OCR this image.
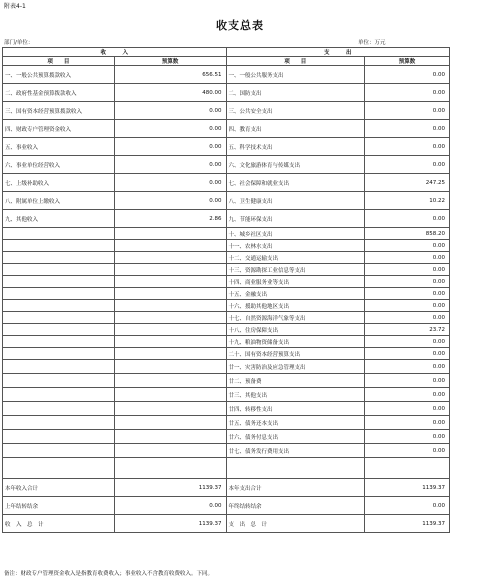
附表4-1
收支总表
部门/单位：	单位：万元
收　　　入		支　　　出	
项　　目	预算数	项　　目	预算数
一、一般公共预算拨款收入	656.51	一、一般公共服务支出	0.00
二、政府性基金预算拨款收入	480.00	二、国防支出	0.00
三、国有资本经营预算拨款收入	0.00	三、公共安全支出	0.00
四、财政专户管理资金收入	0.00	四、教育支出	0.00
五、事业收入	0.00	五、科学技术支出	0.00
六、事业单位经营收入	0.00	六、文化旅游体育与传媒支出	0.00
七、上级补助收入	0.00	七、社会保障和就业支出	247.25
八、附属单位上缴收入	0.00	八、卫生健康支出	10.22
九、其他收入	2.86	九、节能环保支出	0.00
		十、城乡社区支出	858.20
		十一、农林水支出	0.00
		十二、交通运输支出	0.00
		十三、资源勘探工业信息等支出	0.00
		十四、商业服务业等支出	0.00
		十五、金融支出	0.00
		十六、援助其他地区支出	0.00
		十七、自然资源海洋气象等支出	0.00
		十八、住房保障支出	23.72
		十九、粮油物资储备支出	0.00
		二十、国有资本经营预算支出	0.00
		廿一、灾害防治及应急管理支出	0.00
		廿二、预备费	0.00
		廿三、其他支出	0.00
		廿四、转移性支出	0.00
		廿五、债务还本支出	0.00
		廿六、债务付息支出	0.00
		廿七、债务发行费用支出	0.00

本年收入合计	1139.37	本年支出合计	1139.37
上年结转结余	0.00	年终结转结余	0.00
收　入　总　计	1139.37	支　出　总　计	1139.37
备注：财政专户管理资金收入是指教育收费收入；事业收入不含教育收费收入。下同。
